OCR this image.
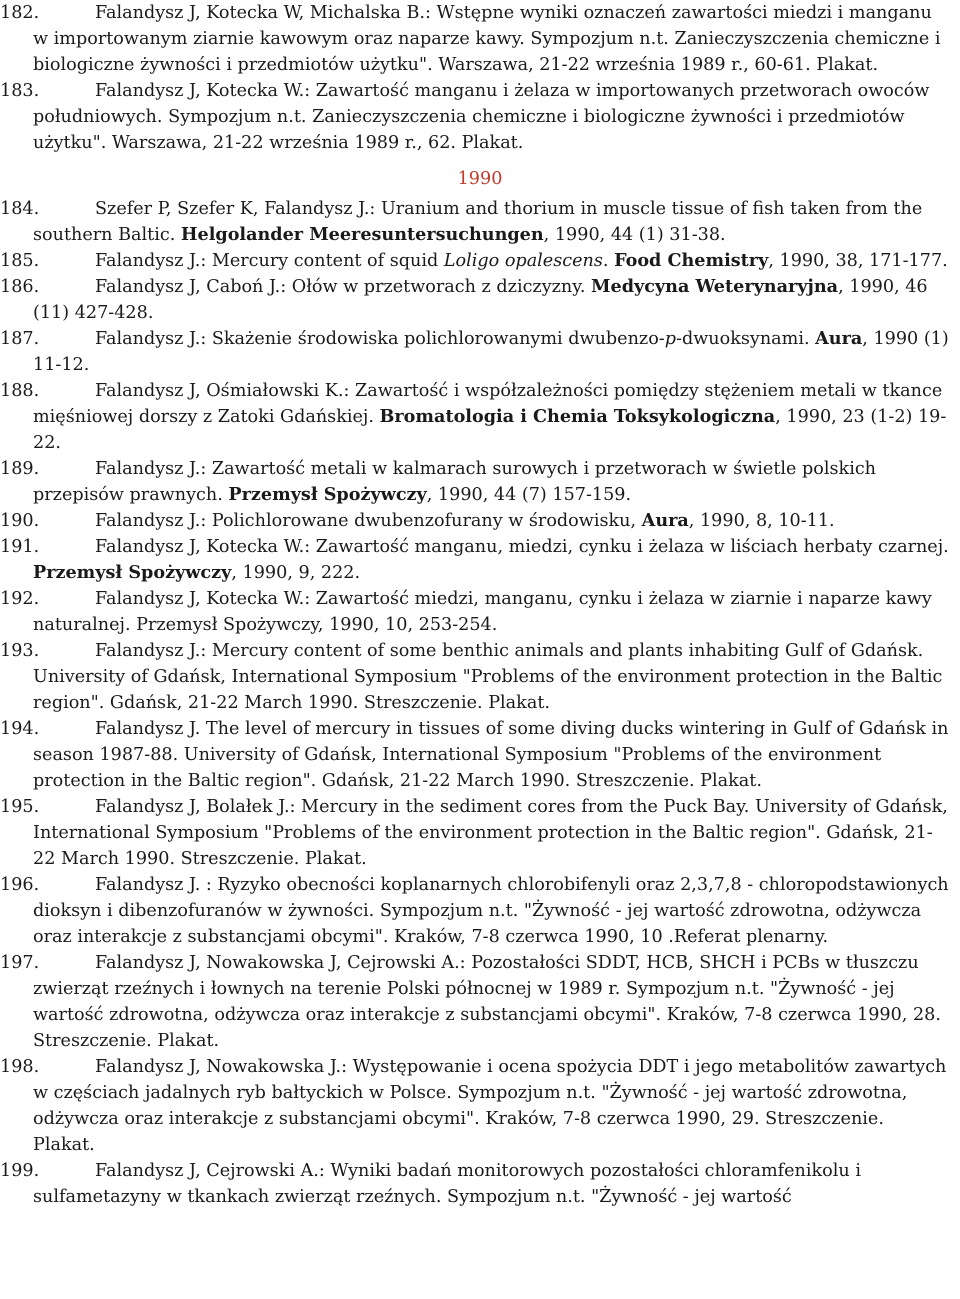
182.	Falandysz J, Kotecka W, Michalska B.: Wstępne wyniki oznaczeń zawartości miedzi i manganu w importowanym ziarnie kawowym oraz naparze kawy. Sympozjum n.t. Zanieczyszczenia chemiczne i biologiczne żywności i przedmiotów użytku". Warszawa, 21-22 września 1989 r., 60-61. Plakat.
183.	Falandysz J, Kotecka W.: Zawartość manganu i żelaza w importowanych przetworach owoców południowych. Sympozjum n.t. Zanieczyszczenia chemiczne i biologiczne żywności i przedmiotów użytku". Warszawa, 21-22 września 1989 r., 62. Plakat.
1990
184.	Szefer P, Szefer K, Falandysz J.: Uranium and thorium in muscle tissue of fish taken from the southern Baltic. Helgolander Meeresuntersuchungen, 1990, 44 (1) 31-38.
185.	Falandysz J.: Mercury content of squid Loligo opalescens. Food Chemistry, 1990, 38, 171-177.
186.	Falandysz J, Caboń J.: Ołów w przetworach z dziczyzny. Medycyna Weterynaryjna, 1990, 46 (11) 427-428.
187.	Falandysz J.: Skażenie środowiska polichlorowanymi dwubenzo-p-dwuoksynami. Aura, 1990 (1) 11-12.
188.	Falandysz J, Ośmiałowski K.: Zawartość i współzależności pomiędzy stężeniem metali w tkance mięśniowej dorszy z Zatoki Gdańskiej. Bromatologia i Chemia Toksykologiczna, 1990, 23 (1-2) 19-22.
189.	Falandysz J.: Zawartość metali w kalmarach surowych i przetworach w świetle polskich przepisów prawnych. Przemysł Spożywczy, 1990, 44 (7) 157-159.
190.	Falandysz J.: Polichlorowane dwubenzofurany w środowisku, Aura, 1990, 8, 10-11.
191.	Falandysz J, Kotecka W.: Zawartość manganu, miedzi, cynku i żelaza w liściach herbaty czarnej. Przemysł Spożywczy, 1990, 9, 222.
192.	Falandysz J, Kotecka W.: Zawartość miedzi, manganu, cynku i żelaza w ziarnie i naparze kawy naturalnej. Przemysł Spożywczy, 1990, 10, 253-254.
193.	Falandysz J.: Mercury content of some benthic animals and plants inhabiting Gulf of Gdańsk. University of Gdańsk, International Symposium "Problems of the environment protection in the Baltic region". Gdańsk, 21-22 March 1990. Streszczenie. Plakat.
194.	Falandysz J. The level of mercury in tissues of some diving ducks wintering in Gulf of Gdańsk in season 1987-88. University of Gdańsk, International Symposium "Problems of the environment protection in the Baltic region". Gdańsk, 21-22 March 1990. Streszczenie. Plakat.
195.	Falandysz J, Bolałek J.: Mercury in the sediment cores from the Puck Bay. University of Gdańsk, International Symposium "Problems of the environment protection in the Baltic region". Gdańsk, 21-22 March 1990. Streszczenie. Plakat.
196.	Falandysz J. : Ryzyko obecności koplanarnych chlorobifenyli oraz 2,3,7,8 - chloropodstawionych dioksyn i dibenzofuranów w żywności. Sympozjum n.t. "Żywność - jej wartość zdrowotna, odżywcza oraz interakcje z substancjami obcymi". Kraków, 7-8 czerwca 1990, 10 .Referat plenarny.
197.	Falandysz J, Nowakowska J, Cejrowski A.: Pozostałości SDDT, HCB, SHCH i PCBs w tłuszczu zwierząt rzeźnych i łownych na terenie Polski północnej w 1989 r. Sympozjum n.t. "Żywność - jej wartość zdrowotna, odżywcza oraz interakcje z substancjami obcymi". Kraków, 7-8 czerwca 1990, 28. Streszczenie. Plakat.
198.	Falandysz J, Nowakowska J.: Występowanie i ocena spożycia DDT i jego metabolitów zawartych w częściach jadalnych ryb bałtyckich w Polsce. Sympozjum n.t. "Żywność - jej wartość zdrowotna, odżywcza oraz interakcje z substancjami obcymi". Kraków, 7-8 czerwca 1990, 29. Streszczenie. Plakat.
199.	Falandysz J, Cejrowski A.: Wyniki badań monitorowych pozostałości chloramfenikolu i sulfametazyny w tkankach zwierząt rzeźnych. Sympozjum n.t. "Żywność - jej wartość
